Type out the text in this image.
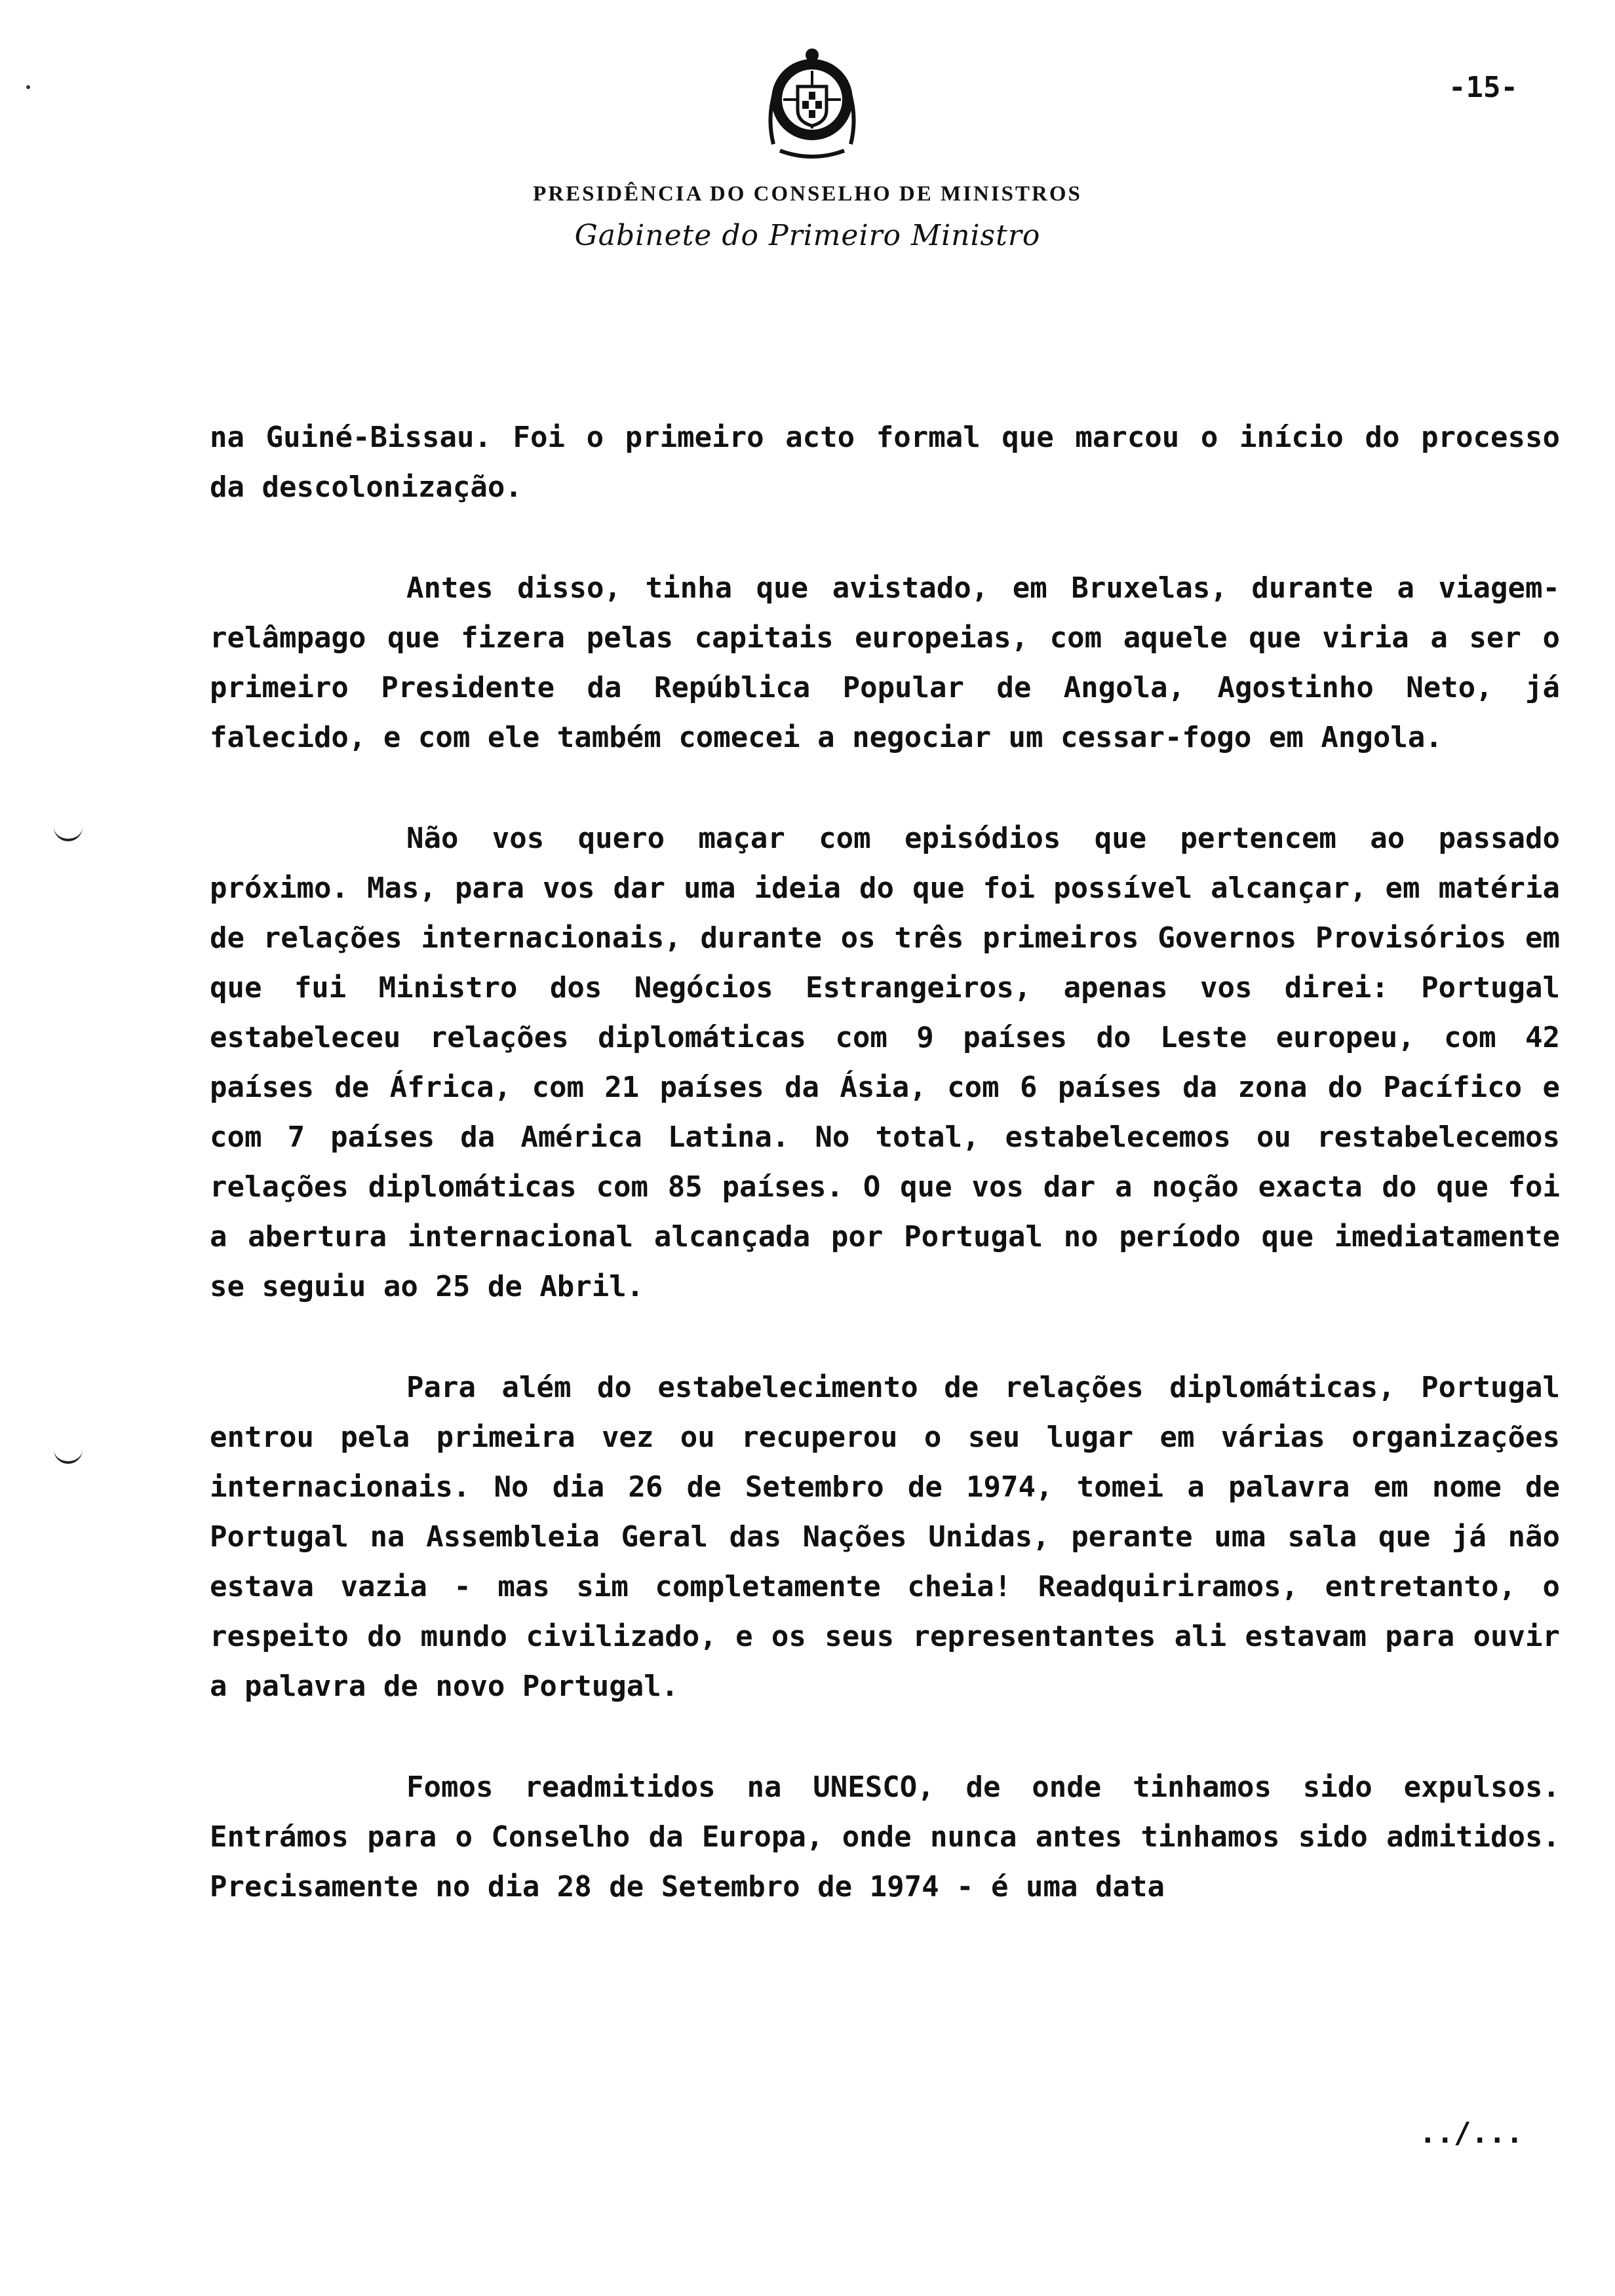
-15-
PRESIDÊNCIA DO CONSELHO DE MINISTROS
Gabinete do Primeiro Ministro

na Guiné-Bissau. Foi o primeiro acto formal que marcou o início do processo da descolonização.

Antes disso, tinha que avistado, em Bruxelas, durante a viagem-relâmpago que fizera pelas capitais europeias, com aquele que viria a ser o primeiro Presidente da República Popular de Angola, Agostinho Neto, já falecido, e com ele também comecei a negociar um cessar-fogo em Angola.

Não vos quero maçar com episódios que pertencem ao passado próximo. Mas, para vos dar uma ideia do que foi possível alcançar, em matéria de relações internacionais, durante os três primeiros Governos Provisórios em que fui Ministro dos Negócios Estrangeiros, apenas vos direi: Portugal estabeleceu relações diplomáticas com 9 países do Leste europeu, com 42 países de África, com 21 países da Ásia, com 6 países da zona do Pacífico e com 7 países da América Latina. No total, estabelecemos ou restabelecemos relações diplomáticas com 85 países. O que vos dar a noção exacta do que foi a abertura internacional alcançada por Portugal no período que imediatamente se seguiu ao 25 de Abril.

Para além do estabelecimento de relações diplomáticas, Portugal entrou pela primeira vez ou recuperou o seu lugar em várias organizações internacionais. No dia 26 de Setembro de 1974, tomei a palavra em nome de Portugal na Assembleia Geral das Nações Unidas, perante uma sala que já não estava vazia - mas sim completamente cheia! Readquiriramos, entretanto, o respeito do mundo civilizado, e os seus representantes ali estavam para ouvir a palavra de novo Portugal.

Fomos readmitidos na UNESCO, de onde tinhamos sido expulsos. Entrámos para o Conselho da Europa, onde nunca antes tinhamos sido admitidos. Precisamente no dia 28 de Setembro de 1974 - é uma data

../...
